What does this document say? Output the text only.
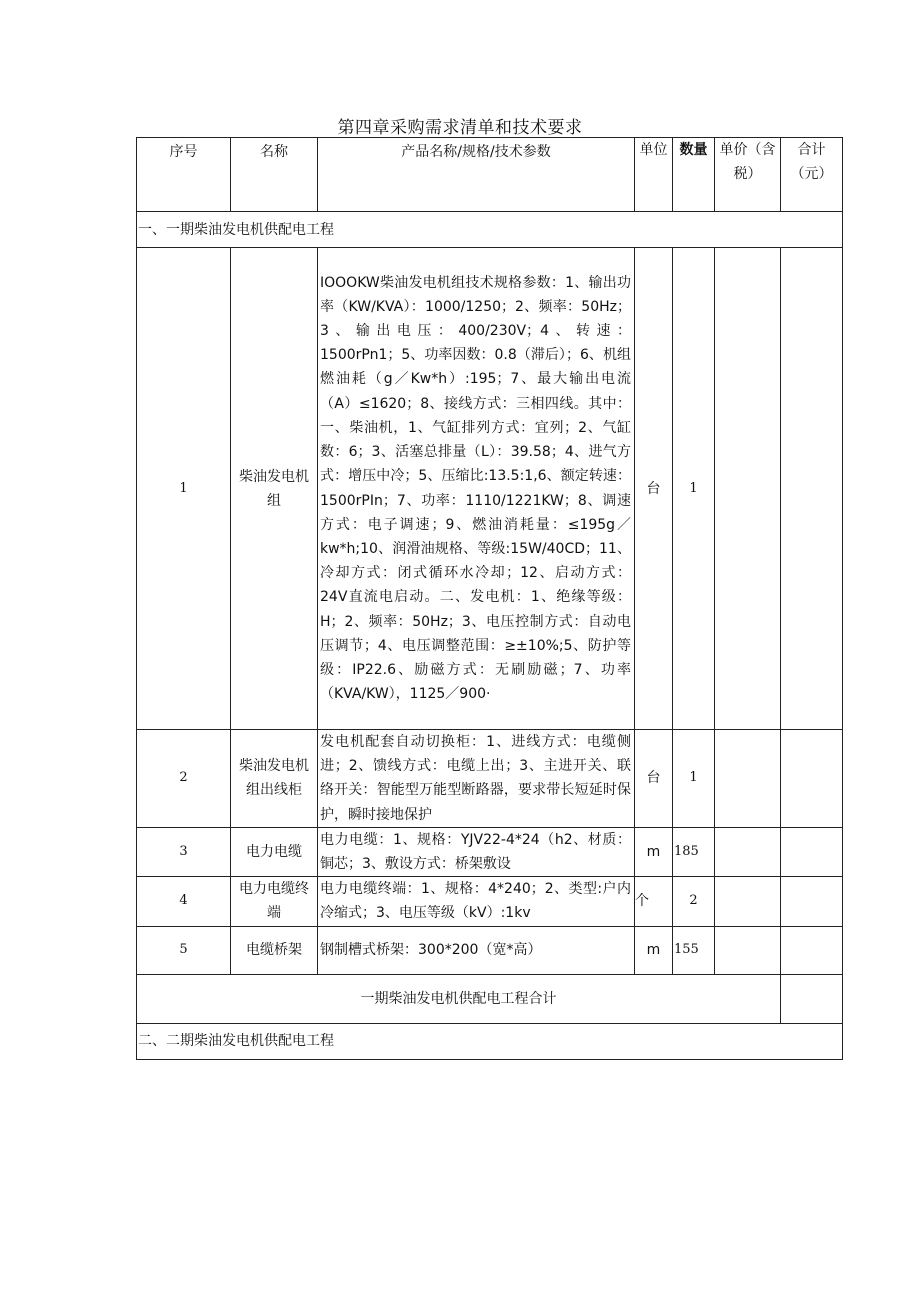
第四章采购需求清单和技术要求
序号	名称	产品名称/规格/技术参数	单位	数量	单价（含税）	合计（元）
一、一期柴油发电机供配电工程						
1	柴油发电机组	IOOOKW柴油发电机组技术规格参数：1、输出功率（KW/KVA）：1000/1250；2、频率：50Hz；3、输出电压：400/230V；4、转速：1500rPn1；5、功率因数：0.8（滞后）；6、机组燃油耗（g／Kw*h）:195；7、最大输出电流（A）≤1620；8、接线方式：三相四线。其中：一、柴油机，1、气缸排列方式：宜列；2、气缸数：6；3、活塞总排量（L）：39.58；4、进气方式：增压中冷；5、压缩比:13.5:1,6、额定转速：1500rPIn；7、功率：1110/1221KW；8、调速方式：电子调速；9、燃油消耗量：≤195g／kw*h;10、润滑油规格、等级:15W/40CD；11、冷却方式：闭式循环水冷却；12、启动方式：24V直流电启动。二、发电机：1、绝缘等级：H；2、频率：50Hz；3、电压控制方式：自动电压调节；4、电压调整范围：≥±10%;5、防护等级：IP22.6、励磁方式：无刷励磁；7、功率（KVA/KW），1125／900·	台	1		
2	柴油发电机组出线柜	发电机配套自动切换柜：1、进线方式：电缆侧进；2、馈线方式：电缆上出；3、主进开关、联络开关：智能型万能型断路器，要求带长短延时保护，瞬时接地保护	台	1		
3	电力电缆	电力电缆：1、规格：YJV22-4*24（h2、材质：铜芯；3、敷设方式：桥架敷设	m	185		
4	电力电缆终端	电力电缆终端：1、规格：4*240；2、类型:户内冷缩式；3、电压等级（kV）:1kv	个	2		
5	电缆桥架	钢制槽式桥架：300*200（宽*高）	m	155		
一期柴油发电机供配电工程合计						
二、二期柴油发电机供配电工程						
